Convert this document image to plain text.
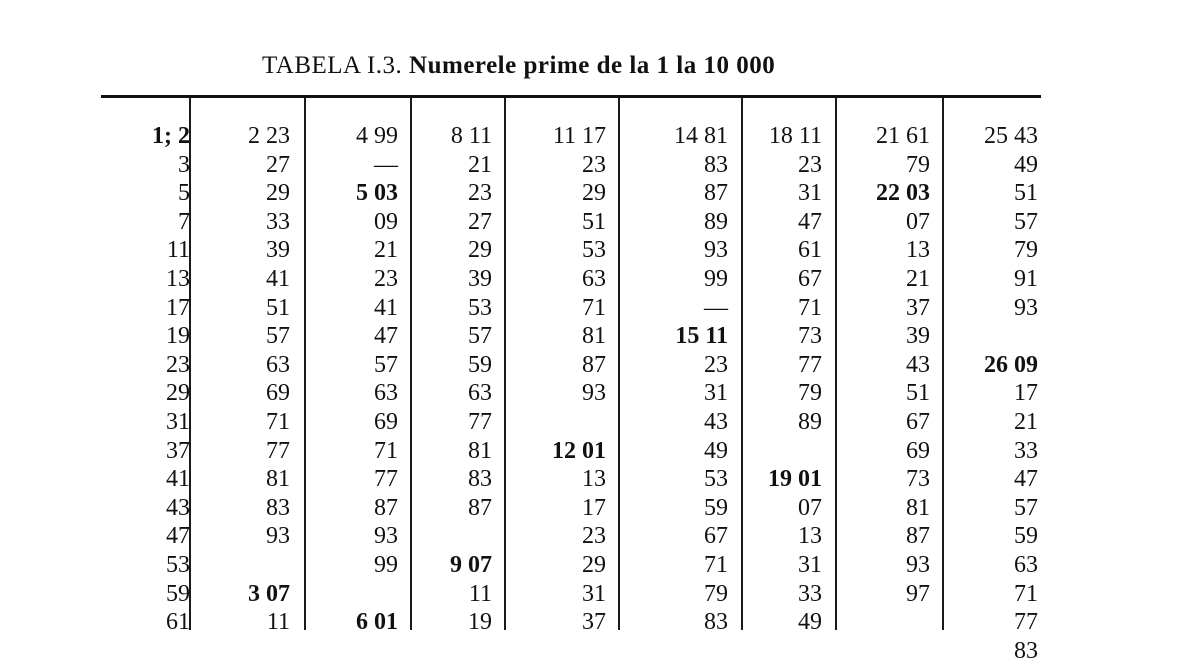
TABELA I.3. Numerele prime de la 1 la 10 000
1; 2
3
5
7
11
13
17
19
23
29
31
37
41
43
47
53
59
61
2 23
27
29
33
39
41
51
57
63
69
71
77
81
83
93
3 07
11
4 99
—
5 03
09
21
23
41
47
57
63
69
71
77
87
93
99
6 01
8 11
21
23
27
29
39
53
57
59
63
77
81
83
87
9 07
11
19
11 17
23
29
51
53
63
71
81
87
93
12 01
13
17
23
29
31
37
14 81
83
87
89
93
99
—
15 11
23
31
43
49
53
59
67
71
79
83
18 11
23
31
47
61
67
71
73
77
79
89
19 01
07
13
31
33
49
21 61
79
22 03
07
13
21
37
39
43
51
67
69
73
81
87
93
97
25 43
49
51
57
79
91
93
26 09
17
21
33
47
57
59
63
71
77
83
